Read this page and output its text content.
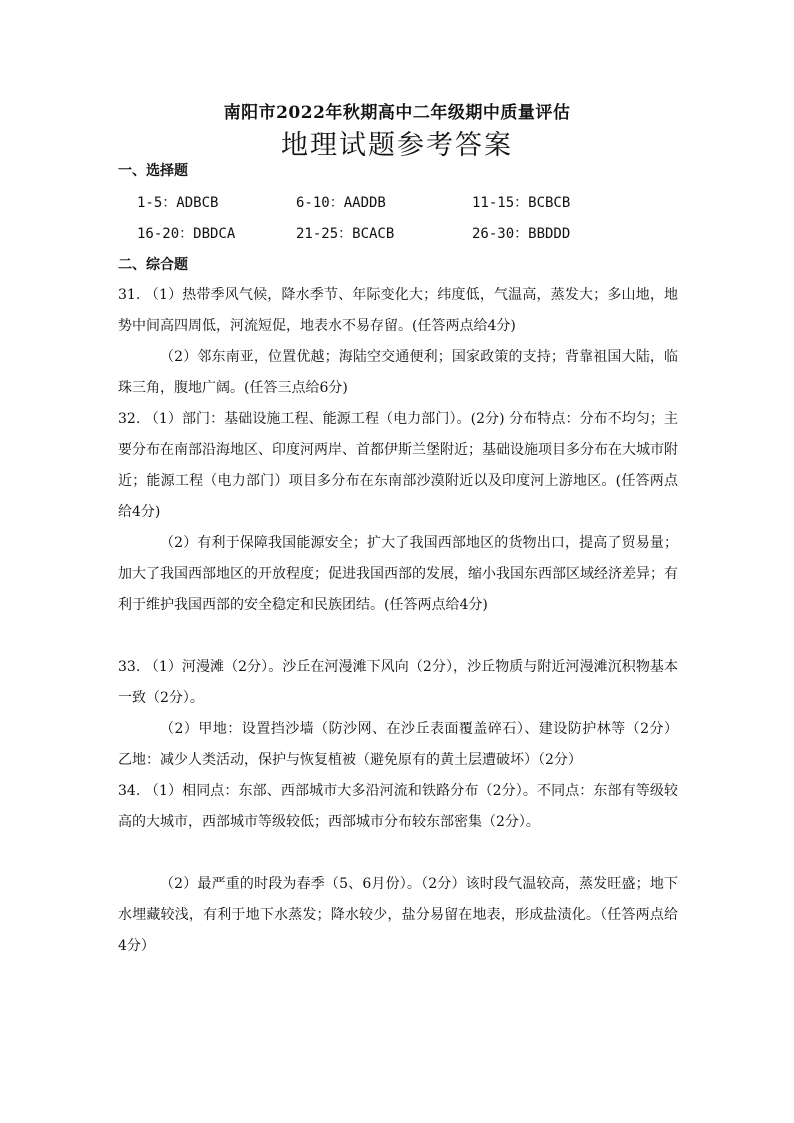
南阳市2022年秋期高中二年级期中质量评估
地理试题参考答案
一、选择题
1-5：ADBCB	6-10：AADDB	11-15：BCBCB
16-20：DBDCA	21-25：BCACB	26-30：BBDDD
二、综合题

31. （1）热带季风气候，降水季节、年际变化大；纬度低，气温高，蒸发大；多山地，地势中间高四周低，河流短促，地表水不易存留。(任答两点给4分)

（2）邻东南亚，位置优越；海陆空交通便利；国家政策的支持；背靠祖国大陆，临珠三角，腹地广阔。(任答三点给6分)

32. （1）部门：基础设施工程、能源工程（电力部门）。(2分) 分布特点：分布不均匀；主要分布在南部沿海地区、印度河两岸、首都伊斯兰堡附近；基础设施项目多分布在大城市附近；能源工程（电力部门）项目多分布在东南部沙漠附近以及印度河上游地区。(任答两点给4分)

（2）有利于保障我国能源安全；扩大了我国西部地区的货物出口，提高了贸易量；加大了我国西部地区的开放程度；促进我国西部的发展，缩小我国东西部区域经济差异；有利于维护我国西部的安全稳定和民族团结。(任答两点给4分)

33. （1）河漫滩（2分）。沙丘在河漫滩下风向（2分），沙丘物质与附近河漫滩沉积物基本一致（2分）。

（2）甲地：设置挡沙墙（防沙网、在沙丘表面覆盖碎石）、建设防护林等（2分） 乙地：减少人类活动，保护与恢复植被（避免原有的黄土层遭破坏）（2分）

34. （1）相同点：东部、西部城市大多沿河流和铁路分布（2分）。不同点：东部有等级较高的大城市，西部城市等级较低；西部城市分布较东部密集（2分）。

（2）最严重的时段为春季（5、6月份）。（2分）该时段气温较高，蒸发旺盛；地下水埋藏较浅，有利于地下水蒸发；降水较少，盐分易留在地表，形成盐渍化。（任答两点给4分）
